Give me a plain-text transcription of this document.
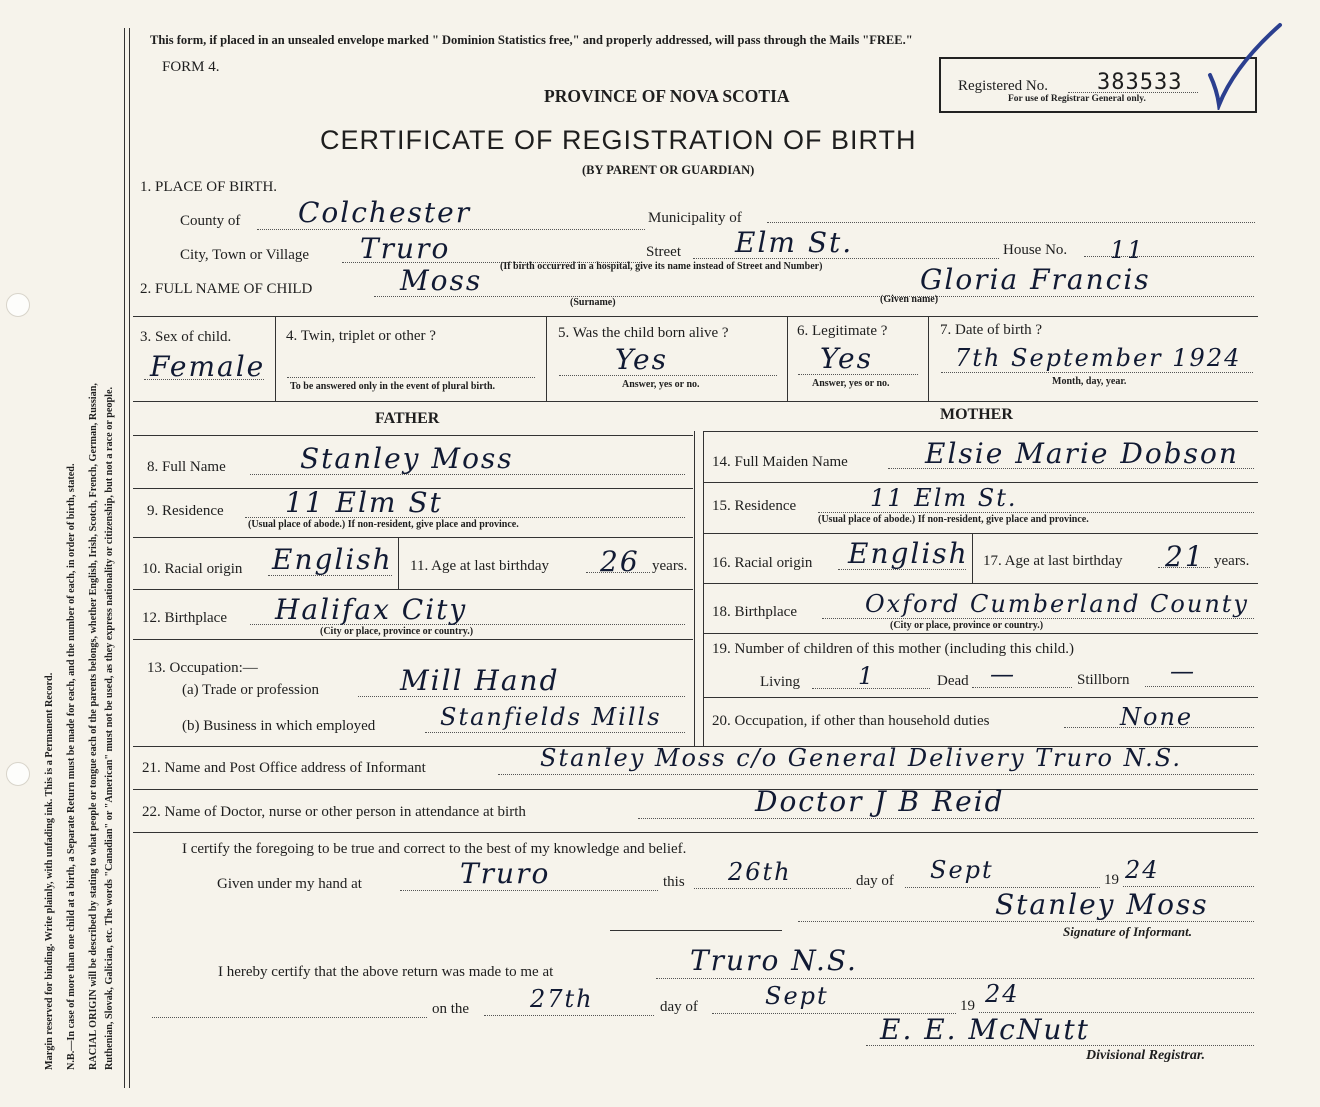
Margin reserved for binding. Write plainly, with unfading ink. This is a Permanent Record. N.B.—In case of more than one child at a birth, a Separate Return must be made for each, and the number of each, in order of birth, stated. RACIAL ORIGIN will be described by stating to what people or tongue each of the parents belongs, whether English, Irish, Scotch, French, German, Russian, Ruthenian, Slovak, Galician, etc. The words "Canadian" or "American" must not be used, as they express nationality or citizenship, but not a race or people.
This form, if placed in an unsealed envelope marked " Dominion Statistics free," and properly addressed, will pass through the Mails "FREE."
FORM 4.
PROVINCE OF NOVA SCOTIA
CERTIFICATE OF REGISTRATION OF BIRTH
(BY PARENT OR GUARDIAN)
Registered No. 383533
For use of Registrar General only.
1. PLACE OF BIRTH.
County of Colchester	Municipality of
City, Town or Village Truro	Street Elm St.	House No. 11
(If birth occurred in a hospital, give its name instead of Street and Number)
2. FULL NAME OF CHILD	Moss
(Surname)
Gloria Francis
(Given name)
3. Sex of child.
Female
4. Twin, triplet or other ?
To be answered only in the event of plural birth.
5. Was the child born alive ?
Yes
Answer, yes or no.
6. Legitimate ?
Yes
Answer, yes or no.
7. Date of birth ?
7th September 1924
Month, day, year.
FATHER	MOTHER
8. Full Name	Stanley Moss
9. Residence 11 Elm St
(Usual place of abode.) If non-resident, give place and province.
10. Racial origin English 11. Age at last birthday 26 years.
12. Birthplace Halifax City
(City or place, province or country.)
13. Occupation:—
(a) Trade or profession	Mill Hand
(b) Business in which employed	Stanfields Mills
14. Full Maiden Name	Elsie Marie Dobson
15. Residence	11 Elm St.
(Usual place of abode.) If non-resident, give place and province.
16. Racial origin English 17. Age at last birthday 21 years.
18. Birthplace	Oxford Cumberland County
(City or place, province or country.)
19. Number of children of this mother (including this child.)
Living 1	Dead —	Stillborn —
20. Occupation, if other than household duties	None
21. Name and Post Office address of Informant	Stanley Moss c/o General Delivery Truro N.S.
22. Name of Doctor, nurse or other person in attendance at birth	Doctor J B Reid
I certify the foregoing to be true and correct to the best of my knowledge and belief.
Given under my hand at	Truro	this 26th	day of Sept	19 24
Stanley Moss
Signature of Informant.
I hereby certify that the above return was made to me at	Truro N.S.
on the	27th	day of	Sept	19 24
E. E. McNutt
Divisional Registrar.
